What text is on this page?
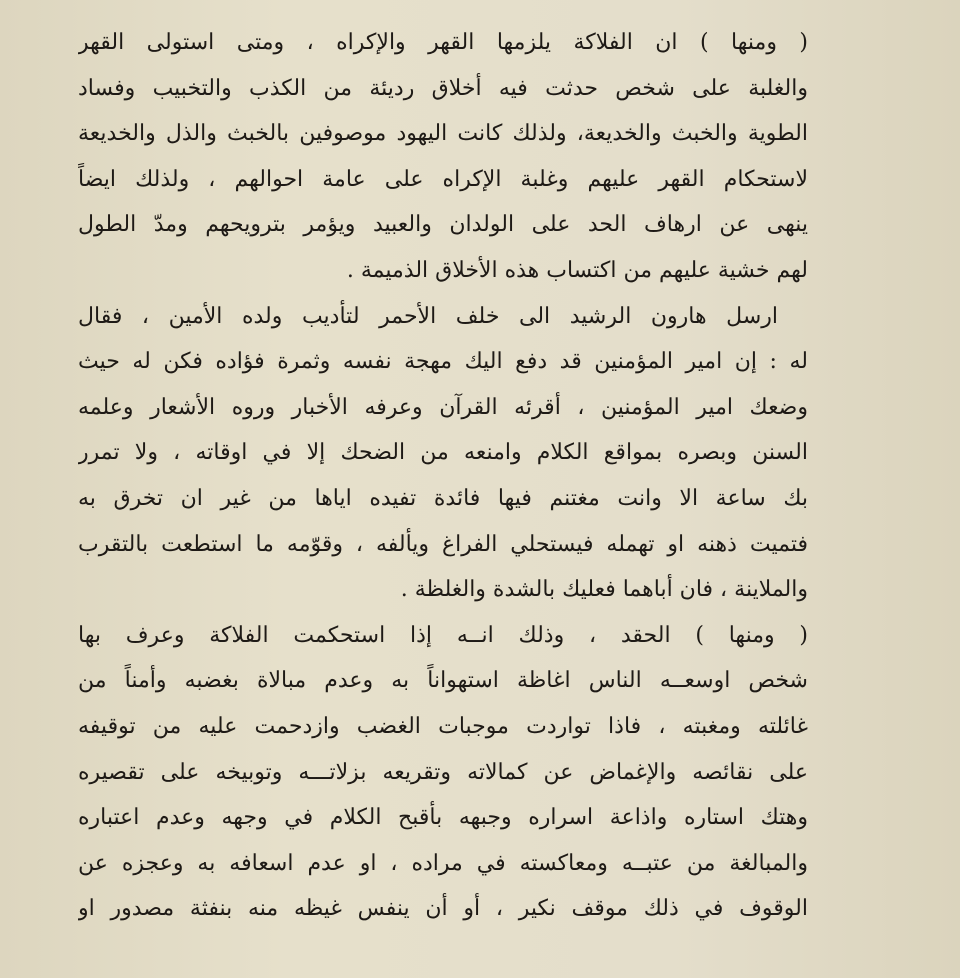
( ومنها ) ان الفلاكة يلزمها القهر والإكراه ، ومتى استولى القهر
والغلبة على شخص حدثت فيه أخلاق رديئة من الكذب والتخبيب وفساد
الطوية والخبث والخديعة، ولذلك كانت اليهود موصوفين بالخبث والذل والخديعة
لاستحكام القهر عليهم وغلبة الإكراه على عامة احوالهم ، ولذلك ايضاً
ينهى عن ارهاف الحد على الولدان والعبيد ويؤمر بترويحهم ومدّ الطول
لهم خشية عليهم من اكتساب هذه الأخلاق الذميمة .
ارسل هارون الرشيد الى خلف الأحمر لتأديب ولده الأمين ، فقال
له : إن امير المؤمنين قد دفع اليك مهجة نفسه وثمرة فؤاده فكن له حيث
وضعك امير المؤمنين ، أقرئه القرآن وعرفه الأخبار وروه الأشعار وعلمه
السنن وبصره بمواقع الكلام وامنعه من الضحك إلا في اوقاته ، ولا تمرر
بك ساعة الا وانت مغتنم فيها فائدة تفيده اياها من غير ان تخرق به
فتميت ذهنه او تهمله فيستحلي الفراغ ويألفه ، وقوّمه ما استطعت بالتقرب
والملاينة ، فان أباهما فعليك بالشدة والغلظة .
( ومنها ) الحقد ، وذلك انــه إذا استحكمت الفلاكة وعرف بها
شخص اوسعــه الناس اغاظة استهواناً به وعدم مبالاة بغضبه وأمناً من
غائلته ومغبته ، فاذا تواردت موجبات الغضب وازدحمت عليه من توقيفه
على نقائصه والإغماض عن كمالاته وتقريعه بزلاتـــه وتوبيخه على تقصيره
وهتك استاره واذاعة اسراره وجبهه بأقبح الكلام في وجهه وعدم اعتباره
والمبالغة من عتبــه ومعاكسته في مراده ، او عدم اسعافه به وعجزه عن
الوقوف في ذلك موقف نكير ، أو أن ينفس غيظه منه بنفثة مصدور او
